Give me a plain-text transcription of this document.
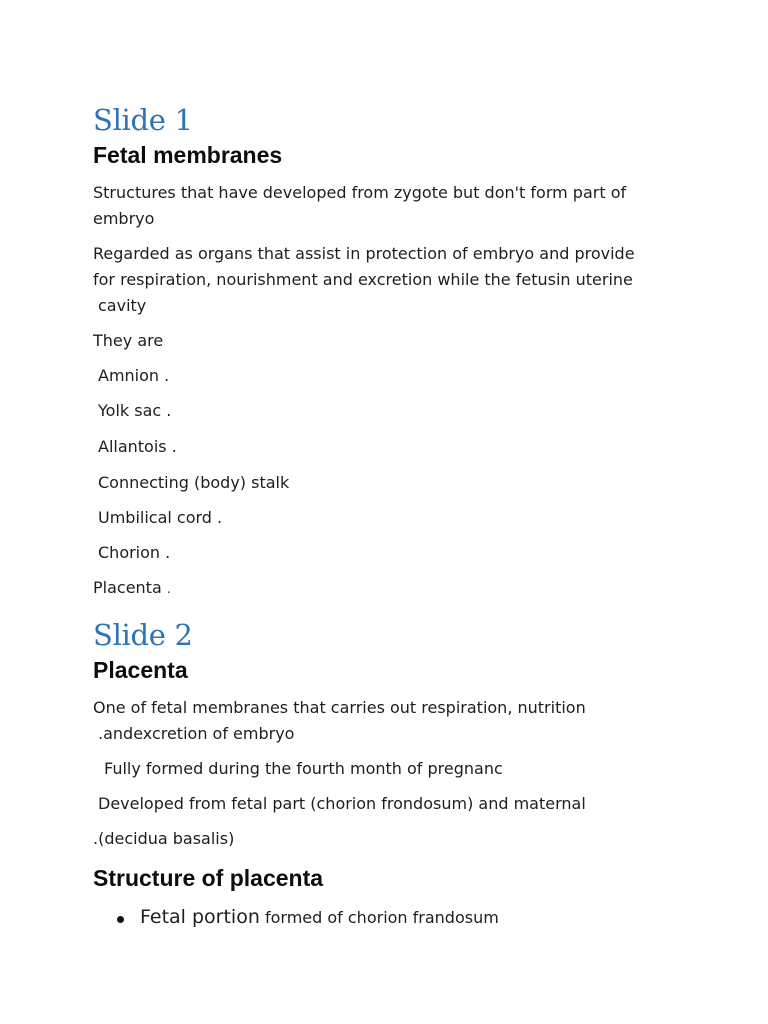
Slide 1
Fetal membranes
Structures that have developed from zygote but don't form part of
embryo
Regarded as organs that assist in protection of embryo and provide
for respiration, nourishment and excretion while the fetusin uterine
cavity
They are
Amnion .
Yolk sac .
Allantois .
Connecting (body) stalk
Umbilical cord .
Chorion .
Placenta .
Slide 2
Placenta
One of fetal membranes that carries out respiration, nutrition
.andexcretion of embryo
Fully formed during the fourth month of pregnanc
Developed from fetal part (chorion frondosum) and maternal
.(decidua basalis)
Structure of placenta
Fetal portion formed of chorion frandosum
